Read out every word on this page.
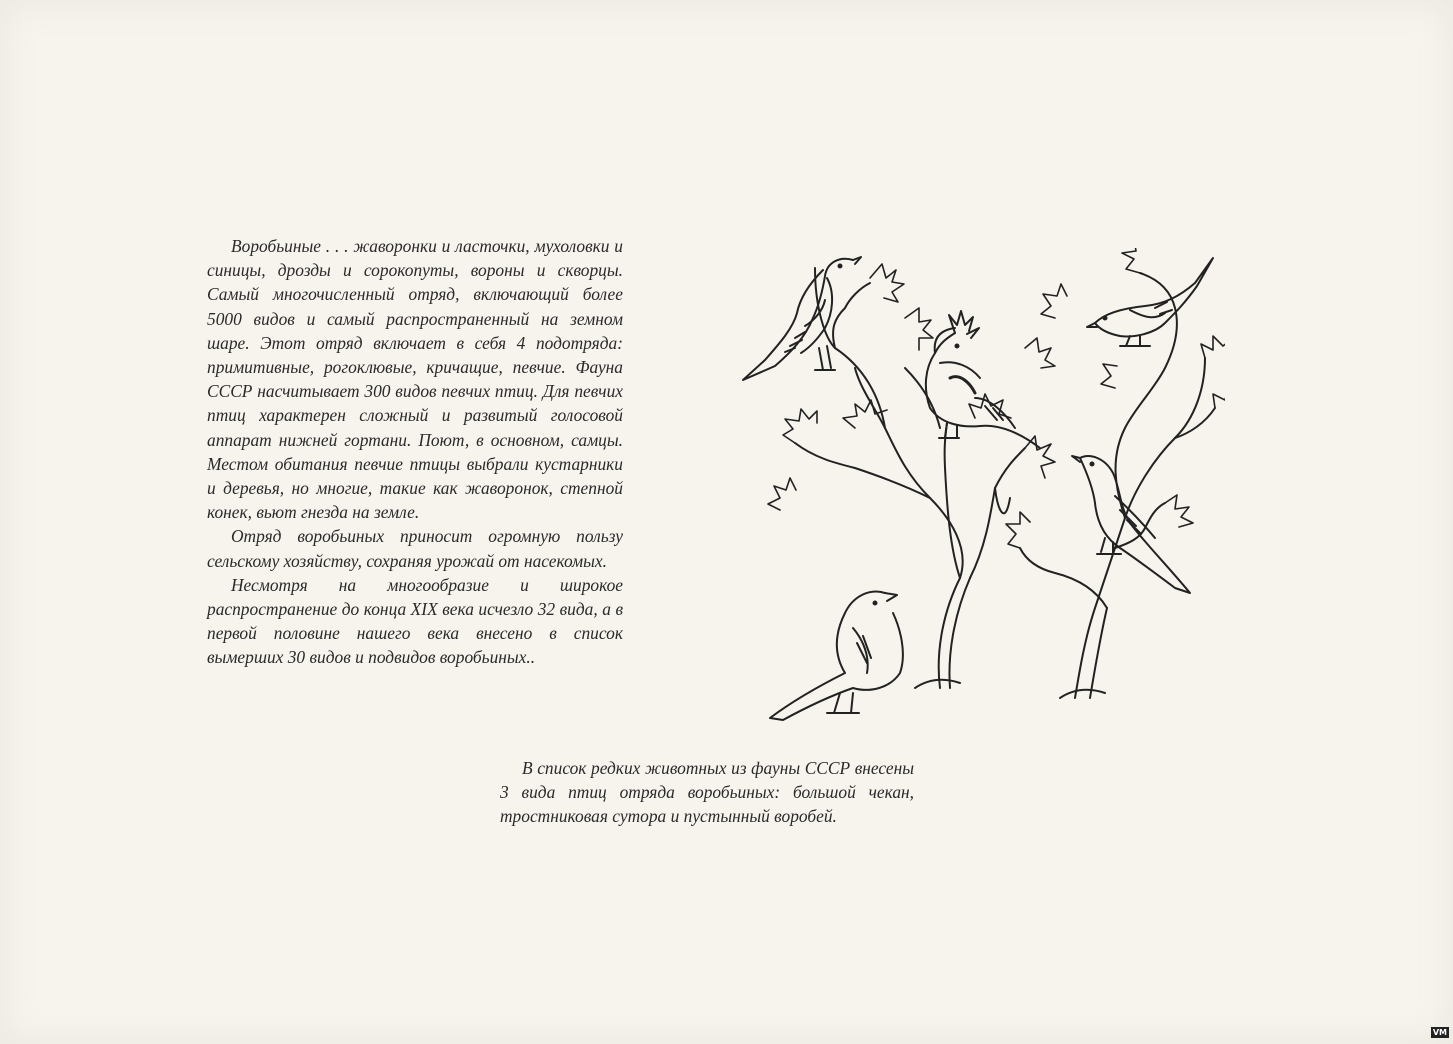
Воробьиные . . . жаворонки и ласточки, мухоловки и синицы, дрозды и сорокопуты, вороны и скворцы. Самый многочисленный отряд, включающий более 5000 видов и самый распространенный на земном шаре. Этот отряд включает в себя 4 подотряда: примитивные, рогоклювые, кричащие, певчие. Фауна СССР насчитывает 300 видов певчих птиц. Для певчих птиц характерен сложный и развитый голосовой аппарат нижней гортани. Поют, в основном, самцы. Местом обитания певчие птицы выбрали кустарники и деревья, но многие, такие как жаворонок, степной конек, вьют гнезда на земле.

Отряд воробьиных приносит огромную пользу сельскому хозяйству, сохраняя урожай от насекомых.

Несмотря на многообразие и широкое распространение до конца XIX века исчезло 32 вида, а в первой половине нашего века внесено в список вымерших 30 видов и подвидов воробьиных..

В список редких животных из фауны СССР внесены 3 вида птиц отряда воробьиных: большой чекан, тростниковая сутора и пустынный воробей.

VM
